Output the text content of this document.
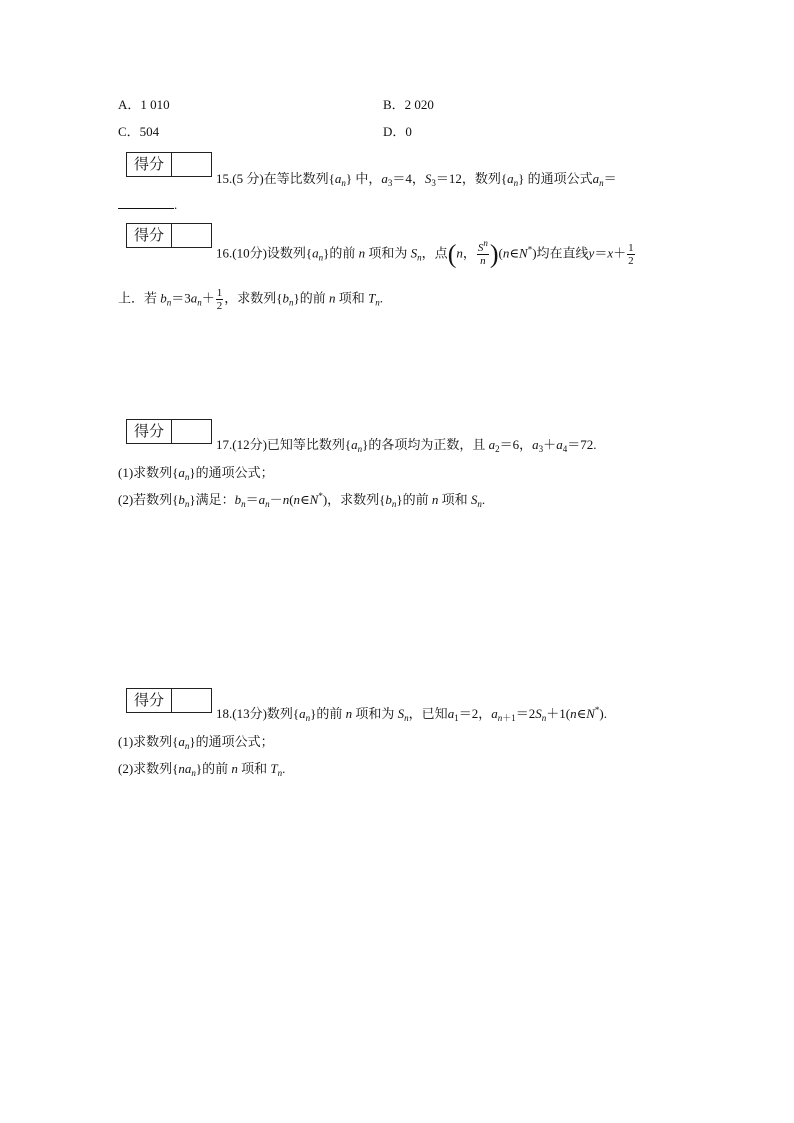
A．1 010	B．2 020
C．504	D．0
得分
15.(5 分)在等比数列$\{a_n\}$ 中，$a_3=4$，$S_3=12$，数列$\{a_n\}$ 的通项公式$a_n=$
.
得分
16.(10分)设数列$\{a_n\}$的前 n 项和为 $S_n$，点(n， $\frac{S^n}{n}$ )(n∈N*)均在直线$y=x+ \frac{1}{2}$
上．若 $b_n=3a_n+ \frac{1}{2}$ ，求数列$\{b_n\}$的前 n 项和 $T_n$.
得分
17.(12分)已知等比数列$\{a_n\}$的各项均为正数，且 $a_2=6$，$a_3+a_4=72$.
(1)求数列$\{a_n\}$的通项公式；
(2)若数列$\{b_n\}$满足：$b_n=a_n-n(n\in N^*)$，求数列$\{b_n\}$的前 n 项和 $S_n$.
得分
18.(13分)数列$\{a_n\}$的前 n 项和为 $S_n$，已知$a_1=2$，$a_{n+1}=2S_n+1(n\in N^*)$.
(1)求数列$\{a_n\}$的通项公式；
(2)求数列$\{na_n\}$的前 n 项和 $T_n$.
